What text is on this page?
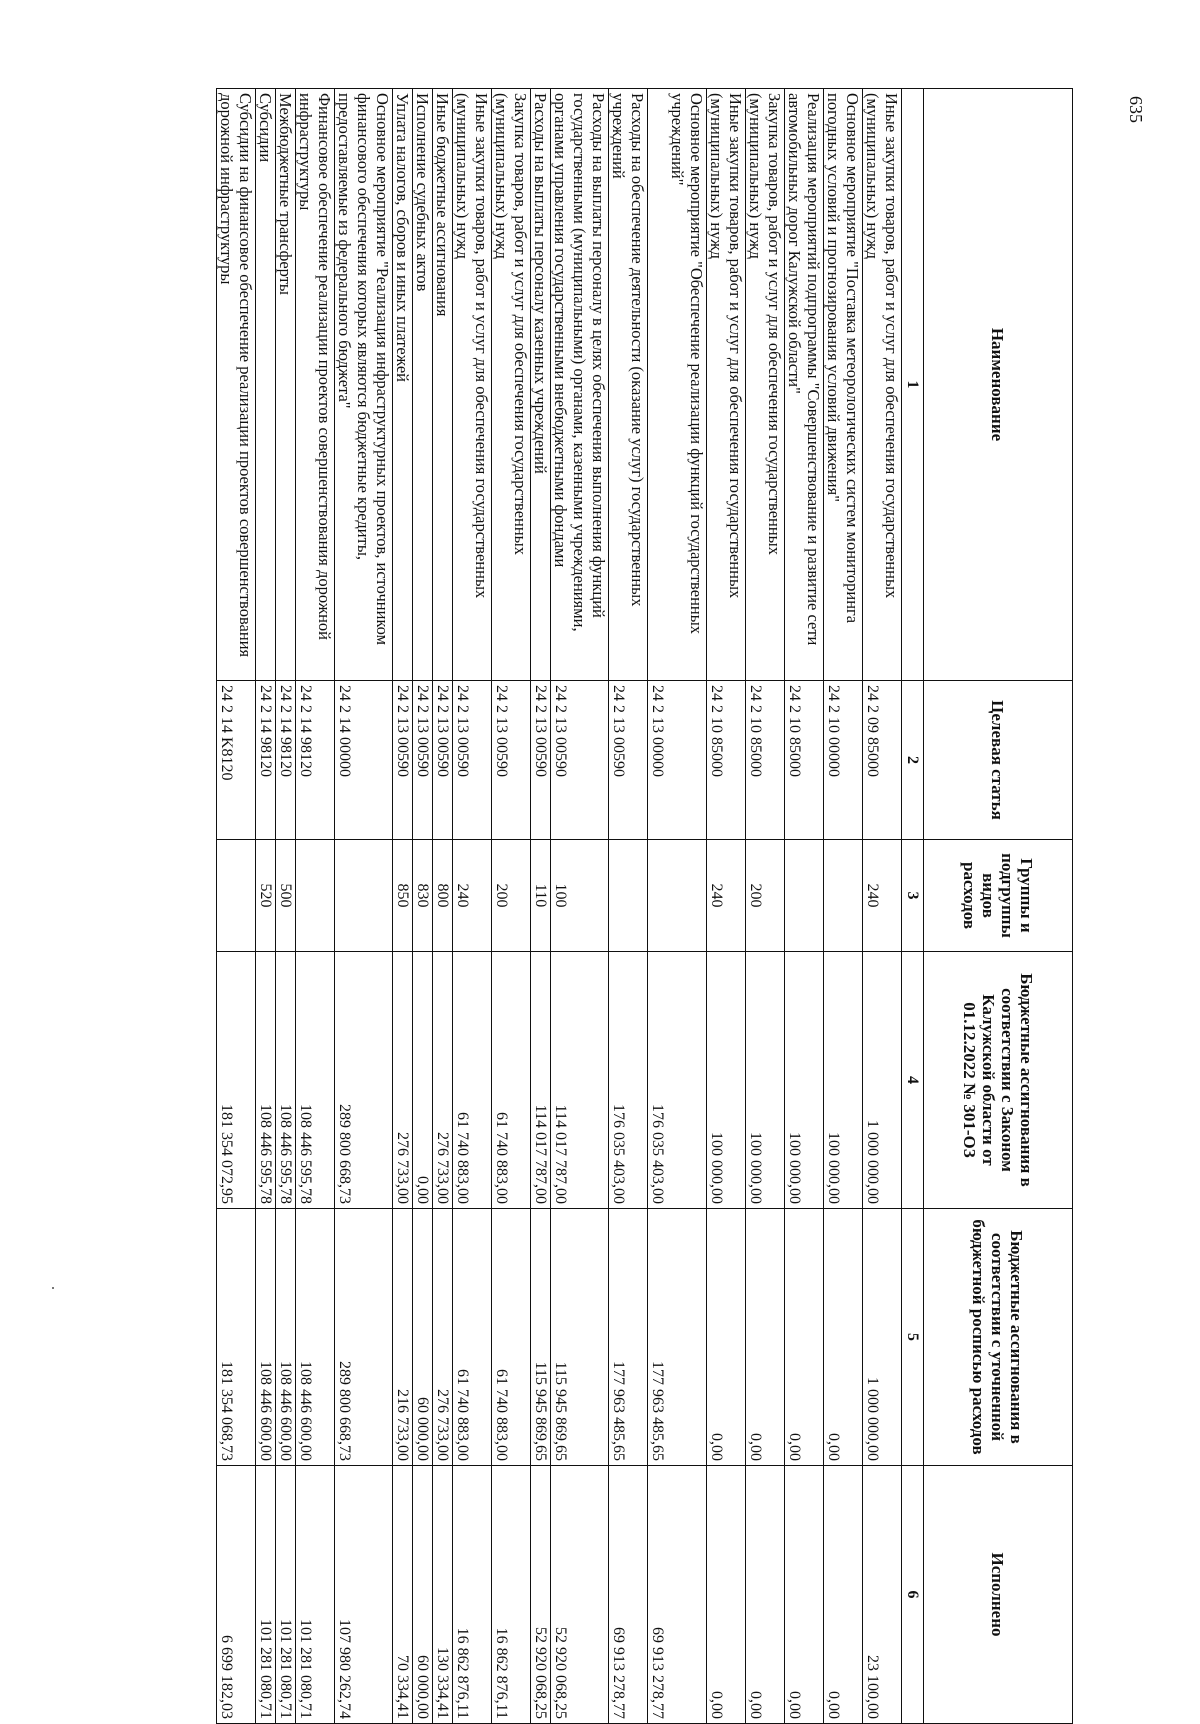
635
Наименование	Целевая статья	Группы и подгруппы видов расходов	Бюджетные ассигнования в соответствии с Законом Калужской области от 01.12.2022 № 301-ОЗ	Бюджетные ассигнования в соответствии с уточненной бюджетной росписью расходов	Исполнено
1	2	3	4	5	6
Иные закупки товаров, работ и услуг для обеспечения государственных (муниципальных) нужд	24 2 09 85000	240	1 000 000,00	1 000 000,00	23 100,00
Основное мероприятие "Поставка метеорологических систем мониторинга погодных условий и прогнозирования условий движения"	24 2 10 00000		100 000,00	0,00	0,00
Реализация мероприятий подпрограммы "Совершенствование и развитие сети автомобильных дорог Калужской области"	24 2 10 85000		100 000,00	0,00	0,00
Закупка товаров, работ и услуг для обеспечения государственных (муниципальных) нужд	24 2 10 85000	200	100 000,00	0,00	0,00
Иные закупки товаров, работ и услуг для обеспечения государственных (муниципальных) нужд	24 2 10 85000	240	100 000,00	0,00	0,00
Основное мероприятие "Обеспечение реализации функций государственных учреждений"	24 2 13 00000		176 035 403,00	177 963 485,65	69 913 278,77
Расходы на обеспечение деятельности (оказание услуг) государственных учреждений	24 2 13 00590		176 035 403,00	177 963 485,65	69 913 278,77
Расходы на выплаты персоналу в целях обеспечения выполнения функций государственными (муниципальными) органами, казенными учреждениями, органами управления государственными внебюджетными фондами	24 2 13 00590	100	114 017 787,00	115 945 869,65	52 920 068,25
Расходы на выплаты персоналу казенных учреждений	24 2 13 00590	110	114 017 787,00	115 945 869,65	52 920 068,25
Закупка товаров, работ и услуг для обеспечения государственных (муниципальных) нужд	24 2 13 00590	200	61 740 883,00	61 740 883,00	16 862 876,11
Иные закупки товаров, работ и услуг для обеспечения государственных (муниципальных) нужд	24 2 13 00590	240	61 740 883,00	61 740 883,00	16 862 876,11
Иные бюджетные ассигнования	24 2 13 00590	800	276 733,00	276 733,00	130 334,41
Исполнение судебных актов	24 2 13 00590	830	0,00	60 000,00	60 000,00
Уплата налогов, сборов и иных платежей	24 2 13 00590	850	276 733,00	216 733,00	70 334,41
Основное мероприятие "Реализация инфраструктурных проектов, источником финансового обеспечения которых являются бюджетные кредиты, предоставляемые из федерального бюджета"	24 2 14 00000		289 800 668,73	289 800 668,73	107 980 262,74
Финансовое обеспечение реализации проектов совершенствования дорожной инфраструктуры	24 2 14 98120		108 446 595,78	108 446 600,00	101 281 080,71
Межбюджетные трансферты	24 2 14 98120	500	108 446 595,78	108 446 600,00	101 281 080,71
Субсидии	24 2 14 98120	520	108 446 595,78	108 446 600,00	101 281 080,71
Субсидии на финансовое обеспечение реализации проектов совершенствования дорожной инфраструктуры	24 2 14 K8120		181 354 072,95	181 354 068,73	6 699 182,03
